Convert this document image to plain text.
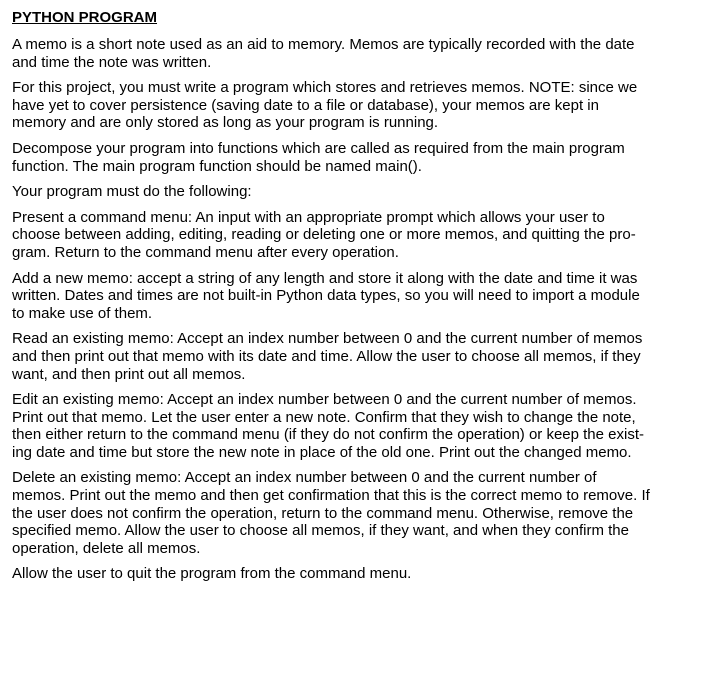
PYTHON PROGRAM

A memo is a short note used as an aid to memory. Memos are typically recorded with the date
and time the note was written.

For this project, you must write a program which stores and retrieves memos. NOTE: since we
have yet to cover persistence (saving date to a file or database), your memos are kept in
memory and are only stored as long as your program is running.

Decompose your program into functions which are called as required from the main program
function. The main program function should be named main().

Your program must do the following:

Present a command menu: An input with an appropriate prompt which allows your user to
choose between adding, editing, reading or deleting one or more memos, and quitting the pro-
gram. Return to the command menu after every operation.

Add a new memo: accept a string of any length and store it along with the date and time it was
written. Dates and times are not built-in Python data types, so you will need to import a module
to make use of them.

Read an existing memo: Accept an index number between 0 and the current number of memos
and then print out that memo with its date and time. Allow the user to choose all memos, if they
want, and then print out all memos.

Edit an existing memo: Accept an index number between 0 and the current number of memos.
Print out that memo. Let the user enter a new note. Confirm that they wish to change the note,
then either return to the command menu (if they do not confirm the operation) or keep the exist-
ing date and time but store the new note in place of the old one. Print out the changed memo.

Delete an existing memo: Accept an index number between 0 and the current number of
memos. Print out the memo and then get confirmation that this is the correct memo to remove. If
the user does not confirm the operation, return to the command menu. Otherwise, remove the
specified memo. Allow the user to choose all memos, if they want, and when they confirm the
operation, delete all memos.

Allow the user to quit the program from the command menu.
